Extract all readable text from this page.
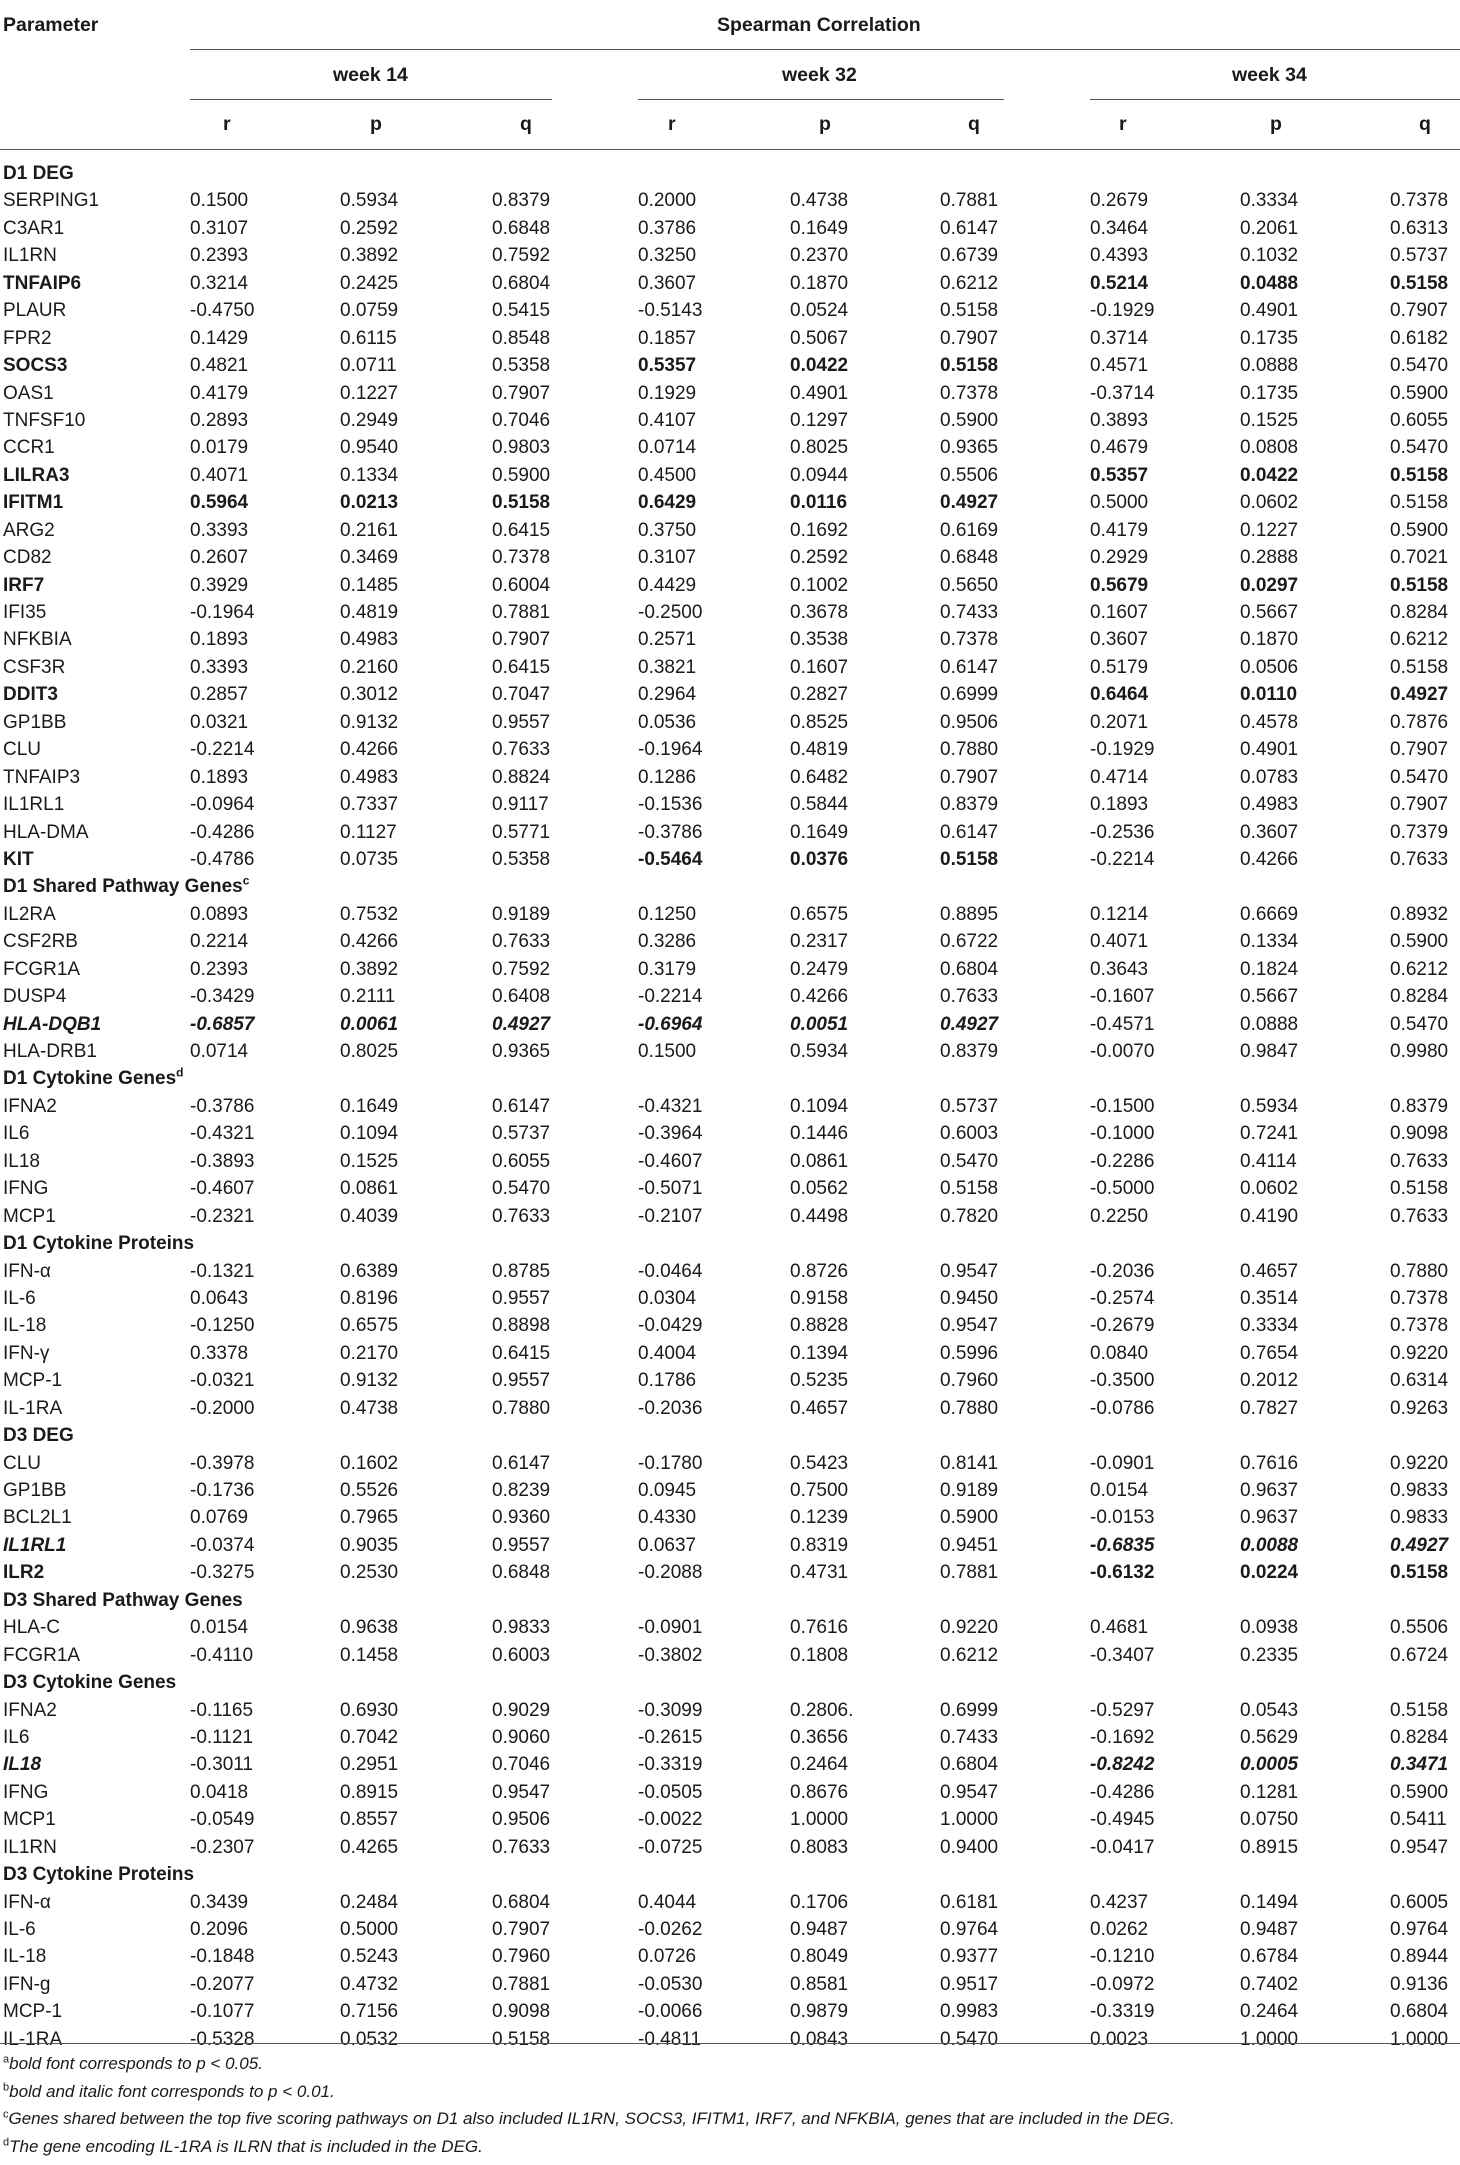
Parameter	Spearman Correlation
week 14	week 32	week 34
r	p	q	r	p	q	r	p	q
D1 DEG
SERPING1	0.1500	0.5934	0.8379	0.2000	0.4738	0.7881	0.2679	0.3334	0.7378
C3AR1	0.3107	0.2592	0.6848	0.3786	0.1649	0.6147	0.3464	0.2061	0.6313
IL1RN	0.2393	0.3892	0.7592	0.3250	0.2370	0.6739	0.4393	0.1032	0.5737
TNFAIP6	0.3214	0.2425	0.6804	0.3607	0.1870	0.6212	0.5214	0.0488	0.5158
PLAUR	-0.4750	0.0759	0.5415	-0.5143	0.0524	0.5158	-0.1929	0.4901	0.7907
FPR2	0.1429	0.6115	0.8548	0.1857	0.5067	0.7907	0.3714	0.1735	0.6182
SOCS3	0.4821	0.0711	0.5358	0.5357	0.0422	0.5158	0.4571	0.0888	0.5470
OAS1	0.4179	0.1227	0.7907	0.1929	0.4901	0.7378	-0.3714	0.1735	0.5900
TNFSF10	0.2893	0.2949	0.7046	0.4107	0.1297	0.5900	0.3893	0.1525	0.6055
CCR1	0.0179	0.9540	0.9803	0.0714	0.8025	0.9365	0.4679	0.0808	0.5470
LILRA3	0.4071	0.1334	0.5900	0.4500	0.0944	0.5506	0.5357	0.0422	0.5158
IFITM1	0.5964	0.0213	0.5158	0.6429	0.0116	0.4927	0.5000	0.0602	0.5158
ARG2	0.3393	0.2161	0.6415	0.3750	0.1692	0.6169	0.4179	0.1227	0.5900
CD82	0.2607	0.3469	0.7378	0.3107	0.2592	0.6848	0.2929	0.2888	0.7021
IRF7	0.3929	0.1485	0.6004	0.4429	0.1002	0.5650	0.5679	0.0297	0.5158
IFI35	-0.1964	0.4819	0.7881	-0.2500	0.3678	0.7433	0.1607	0.5667	0.8284
NFKBIA	0.1893	0.4983	0.7907	0.2571	0.3538	0.7378	0.3607	0.1870	0.6212
CSF3R	0.3393	0.2160	0.6415	0.3821	0.1607	0.6147	0.5179	0.0506	0.5158
DDIT3	0.2857	0.3012	0.7047	0.2964	0.2827	0.6999	0.6464	0.0110	0.4927
GP1BB	0.0321	0.9132	0.9557	0.0536	0.8525	0.9506	0.2071	0.4578	0.7876
CLU	-0.2214	0.4266	0.7633	-0.1964	0.4819	0.7880	-0.1929	0.4901	0.7907
TNFAIP3	0.1893	0.4983	0.8824	0.1286	0.6482	0.7907	0.4714	0.0783	0.5470
IL1RL1	-0.0964	0.7337	0.9117	-0.1536	0.5844	0.8379	0.1893	0.4983	0.7907
HLA-DMA	-0.4286	0.1127	0.5771	-0.3786	0.1649	0.6147	-0.2536	0.3607	0.7379
KIT	-0.4786	0.0735	0.5358	-0.5464	0.0376	0.5158	-0.2214	0.4266	0.7633
D1 Shared Pathway Genes$^c$
IL2RA	0.0893	0.7532	0.9189	0.1250	0.6575	0.8895	0.1214	0.6669	0.8932
CSF2RB	0.2214	0.4266	0.7633	0.3286	0.2317	0.6722	0.4071	0.1334	0.5900
FCGR1A	0.2393	0.3892	0.7592	0.3179	0.2479	0.6804	0.3643	0.1824	0.6212
DUSP4	-0.3429	0.2111	0.6408	-0.2214	0.4266	0.7633	-0.1607	0.5667	0.8284
HLA-DQB1	-0.6857	0.0061	0.4927	-0.6964	0.0051	0.4927	-0.4571	0.0888	0.5470
HLA-DRB1	0.0714	0.8025	0.9365	0.1500	0.5934	0.8379	-0.0070	0.9847	0.9980
D1 Cytokine Genes$^d$
IFNA2	-0.3786	0.1649	0.6147	-0.4321	0.1094	0.5737	-0.1500	0.5934	0.8379
IL6	-0.4321	0.1094	0.5737	-0.3964	0.1446	0.6003	-0.1000	0.7241	0.9098
IL18	-0.3893	0.1525	0.6055	-0.4607	0.0861	0.5470	-0.2286	0.4114	0.7633
IFNG	-0.4607	0.0861	0.5470	-0.5071	0.0562	0.5158	-0.5000	0.0602	0.5158
MCP1	-0.2321	0.4039	0.7633	-0.2107	0.4498	0.7820	0.2250	0.4190	0.7633
D1 Cytokine Proteins
IFN-α	-0.1321	0.6389	0.8785	-0.0464	0.8726	0.9547	-0.2036	0.4657	0.7880
IL-6	0.0643	0.8196	0.9557	0.0304	0.9158	0.9450	-0.2574	0.3514	0.7378
IL-18	-0.1250	0.6575	0.8898	-0.0429	0.8828	0.9547	-0.2679	0.3334	0.7378
IFN-γ	0.3378	0.2170	0.6415	0.4004	0.1394	0.5996	0.0840	0.7654	0.9220
MCP-1	-0.0321	0.9132	0.9557	0.1786	0.5235	0.7960	-0.3500	0.2012	0.6314
IL-1RA	-0.2000	0.4738	0.7880	-0.2036	0.4657	0.7880	-0.0786	0.7827	0.9263
D3 DEG
CLU	-0.3978	0.1602	0.6147	-0.1780	0.5423	0.8141	-0.0901	0.7616	0.9220
GP1BB	-0.1736	0.5526	0.8239	0.0945	0.7500	0.9189	0.0154	0.9637	0.9833
BCL2L1	0.0769	0.7965	0.9360	0.4330	0.1239	0.5900	-0.0153	0.9637	0.9833
IL1RL1	-0.0374	0.9035	0.9557	0.0637	0.8319	0.9451	-0.6835	0.0088	0.4927
ILR2	-0.3275	0.2530	0.6848	-0.2088	0.4731	0.7881	-0.6132	0.0224	0.5158
D3 Shared Pathway Genes
HLA-C	0.0154	0.9638	0.9833	-0.0901	0.7616	0.9220	0.4681	0.0938	0.5506
FCGR1A	-0.4110	0.1458	0.6003	-0.3802	0.1808	0.6212	-0.3407	0.2335	0.6724
D3 Cytokine Genes
IFNA2	-0.1165	0.6930	0.9029	-0.3099	0.2806.	0.6999	-0.5297	0.0543	0.5158
IL6	-0.1121	0.7042	0.9060	-0.2615	0.3656	0.7433	-0.1692	0.5629	0.8284
IL18	-0.3011	0.2951	0.7046	-0.3319	0.2464	0.6804	-0.8242	0.0005	0.3471
IFNG	0.0418	0.8915	0.9547	-0.0505	0.8676	0.9547	-0.4286	0.1281	0.5900
MCP1	-0.0549	0.8557	0.9506	-0.0022	1.0000	1.0000	-0.4945	0.0750	0.5411
IL1RN	-0.2307	0.4265	0.7633	-0.0725	0.8083	0.9400	-0.0417	0.8915	0.9547
D3 Cytokine Proteins
IFN-α	0.3439	0.2484	0.6804	0.4044	0.1706	0.6181	0.4237	0.1494	0.6005
IL-6	0.2096	0.5000	0.7907	-0.0262	0.9487	0.9764	0.0262	0.9487	0.9764
IL-18	-0.1848	0.5243	0.7960	0.0726	0.8049	0.9377	-0.1210	0.6784	0.8944
IFN-g	-0.2077	0.4732	0.7881	-0.0530	0.8581	0.9517	-0.0972	0.7402	0.9136
MCP-1	-0.1077	0.7156	0.9098	-0.0066	0.9879	0.9983	-0.3319	0.2464	0.6804
IL-1RA	-0.5328	0.0532	0.5158	-0.4811	0.0843	0.5470	0.0023	1.0000	1.0000
$^a$bold font corresponds to p < 0.05.
$^b$bold and italic font corresponds to p < 0.01.
$^c$Genes shared between the top five scoring pathways on D1 also included IL1RN, SOCS3, IFITM1, IRF7, and NFKBIA, genes that are included in the DEG.
$^d$The gene encoding IL-1RA is ILRN that is included in the DEG.
